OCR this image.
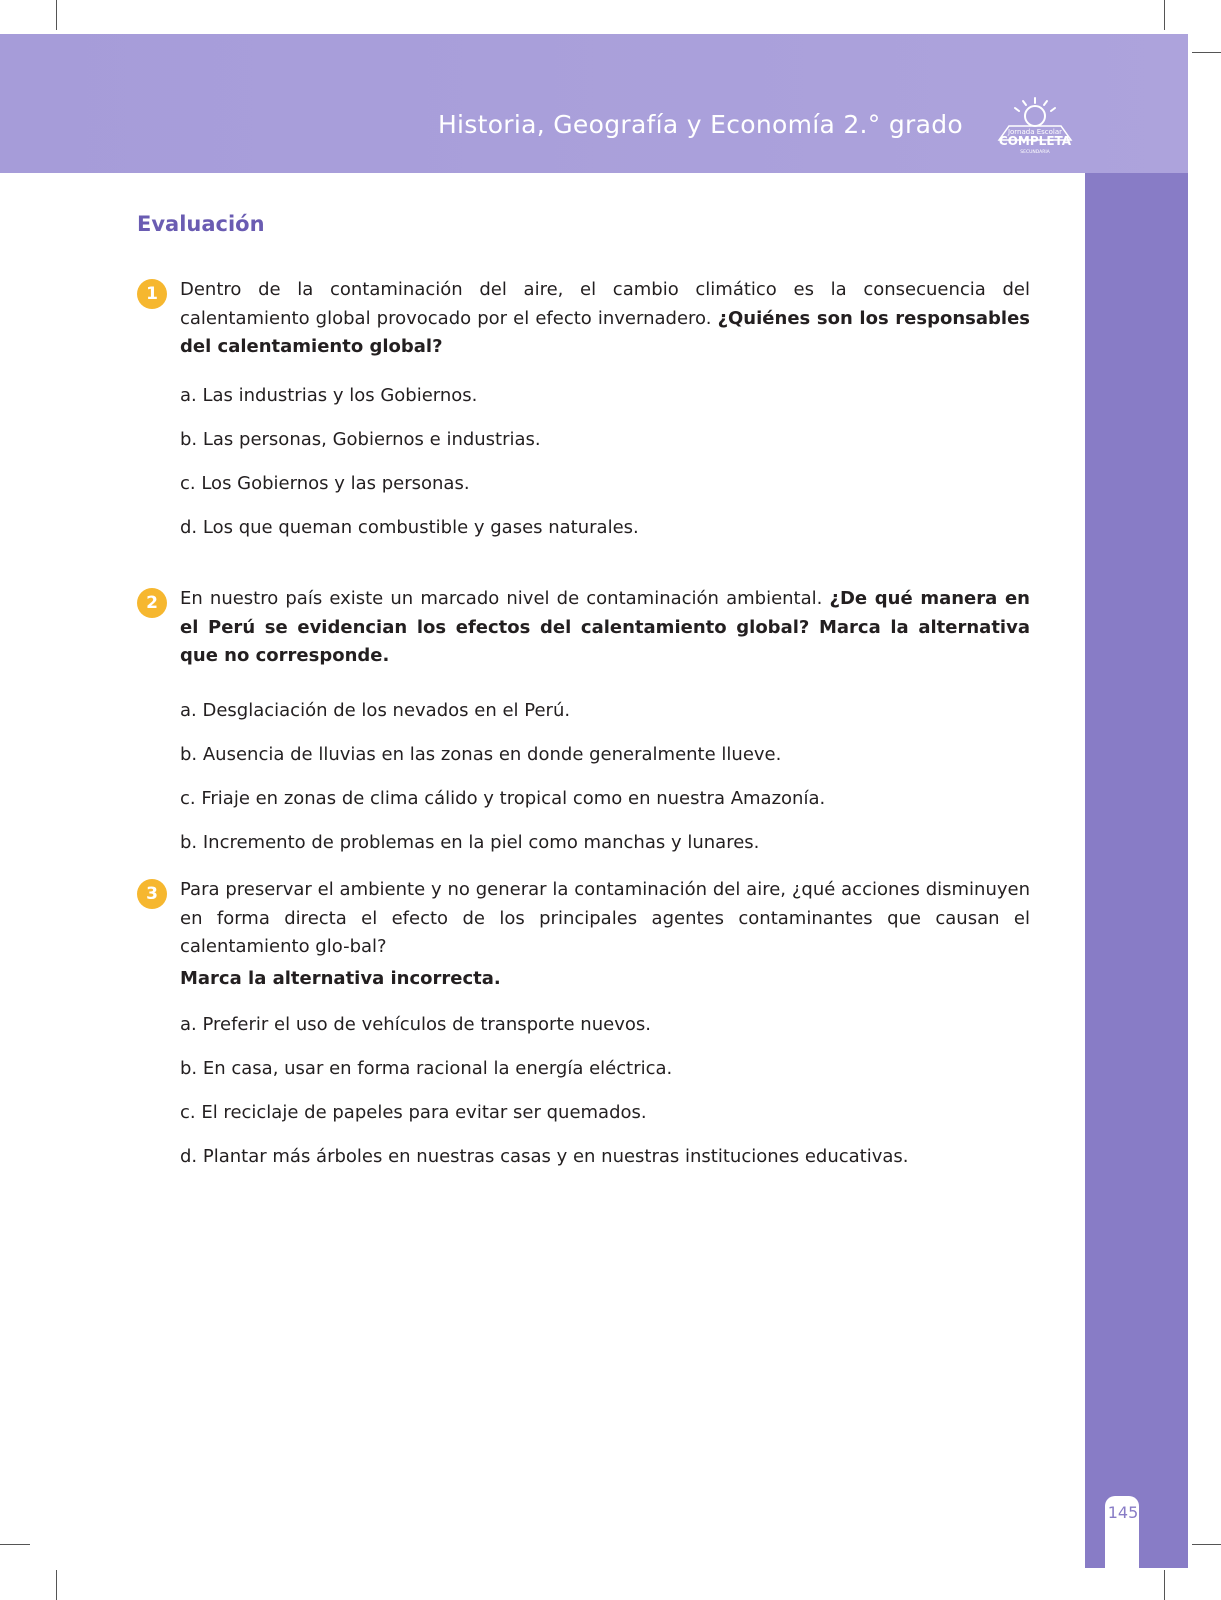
Historia, Geografía y Economía 2.° grado	Jornada Escolar
COMPLETA
SECUNDARIA
145
Evaluación
1	Dentro de la contaminación del aire, el cambio climático es la consecuencia del calentamiento global provocado por el efecto invernadero. ¿Quiénes son los responsables del calentamiento global?
a. Las industrias y los Gobiernos.
b. Las personas, Gobiernos e industrias.
c. Los Gobiernos y las personas.
d. Los que queman combustible y gases naturales.
2	En nuestro país existe un marcado nivel de contaminación ambiental. ¿De qué manera en el Perú se evidencian los efectos del calentamiento global? Marca la alternativa que no corresponde.
a. Desglaciación de los nevados en el Perú.
b. Ausencia de lluvias en las zonas en donde generalmente llueve.
c. Friaje en zonas de clima cálido y tropical como en nuestra Amazonía.
b. Incremento de problemas en la piel como manchas y lunares.
3	Para preservar el ambiente y no generar la contaminación del aire, ¿qué acciones disminuyen en forma directa el efecto de los principales agentes contaminantes que causan el calentamiento glo-bal?
Marca la alternativa incorrecta.
a. Preferir el uso de vehículos de transporte nuevos.
b. En casa, usar en forma racional la energía eléctrica.
c. El reciclaje de papeles para evitar ser quemados.
d. Plantar más árboles en nuestras casas y en nuestras instituciones educativas.
